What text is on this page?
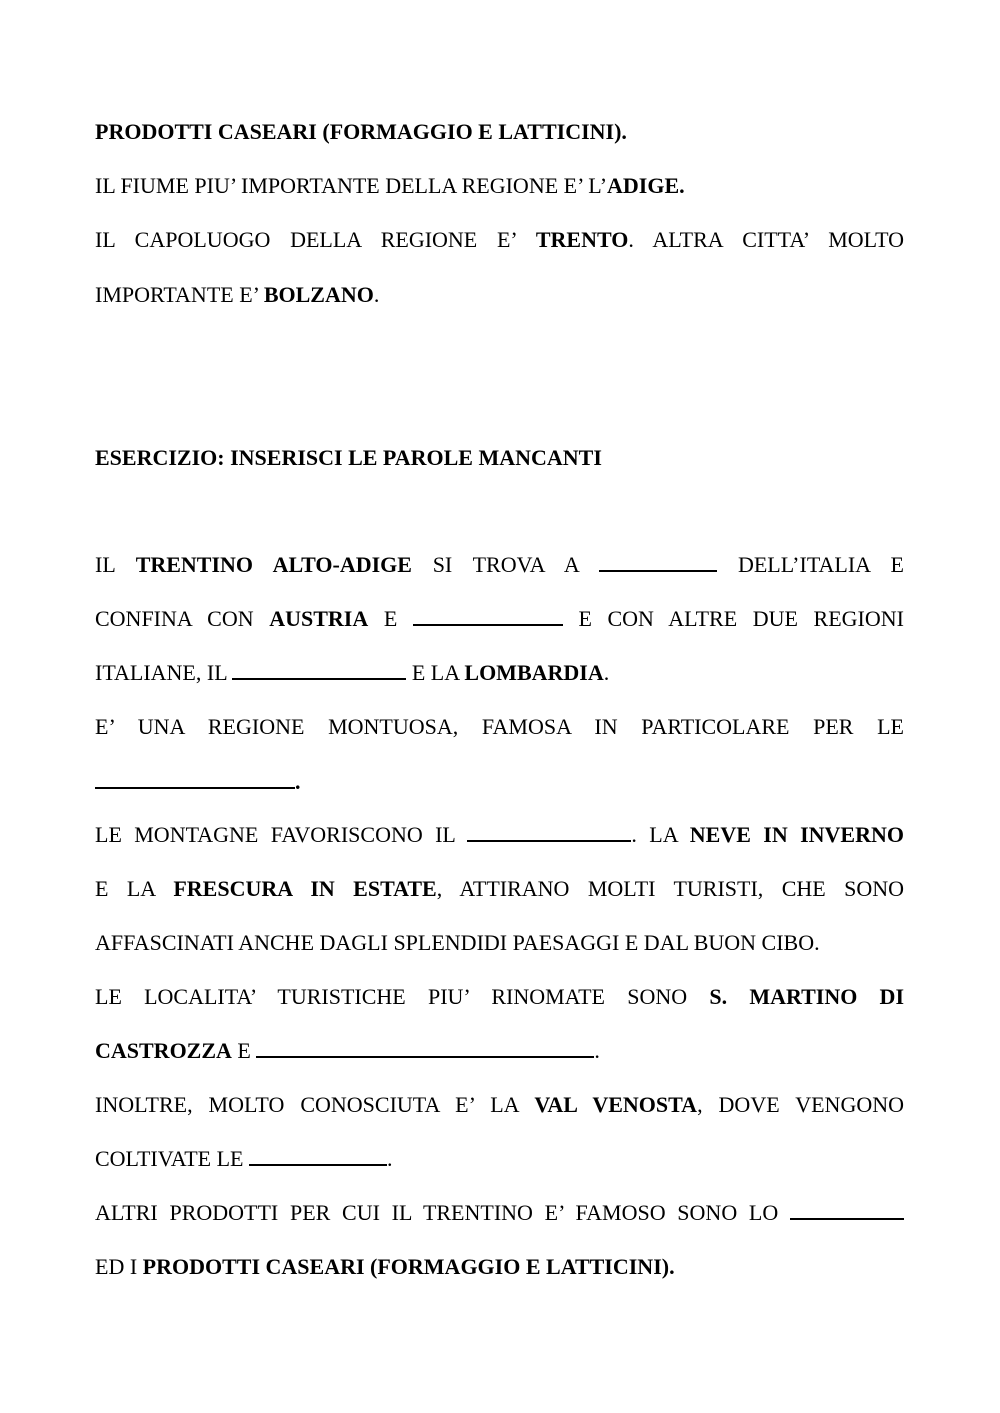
PRODOTTI CASEARI (FORMAGGIO E LATTICINI).
IL FIUME PIU’ IMPORTANTE DELLA REGIONE E’ L’ADIGE.
IL CAPOLUOGO DELLA REGIONE E’ TRENTO. ALTRA CITTA’ MOLTO
IMPORTANTE E’ BOLZANO.
ESERCIZIO: INSERISCI LE PAROLE MANCANTI
IL TRENTINO ALTO-ADIGE SI TROVA A	DELL’ITALIA E
CONFINA CON AUSTRIA E	E CON ALTRE DUE REGIONI
ITALIANE, IL	E LA LOMBARDIA.
E’ UNA REGIONE MONTUOSA, FAMOSA IN PARTICOLARE PER LE
.
LE MONTAGNE FAVORISCONO IL	. LA NEVE IN INVERNO
E LA FRESCURA IN ESTATE, ATTIRANO MOLTI TURISTI, CHE SONO
AFFASCINATI ANCHE DAGLI SPLENDIDI PAESAGGI E DAL BUON CIBO.
LE LOCALITA’ TURISTICHE PIU’ RINOMATE SONO S. MARTINO DI
CASTROZZA E	.
INOLTRE, MOLTO CONOSCIUTA E’ LA VAL VENOSTA, DOVE VENGONO
COLTIVATE LE	.
ALTRI PRODOTTI PER CUI IL TRENTINO E’ FAMOSO SONO LO
ED I PRODOTTI CASEARI (FORMAGGIO E LATTICINI).
